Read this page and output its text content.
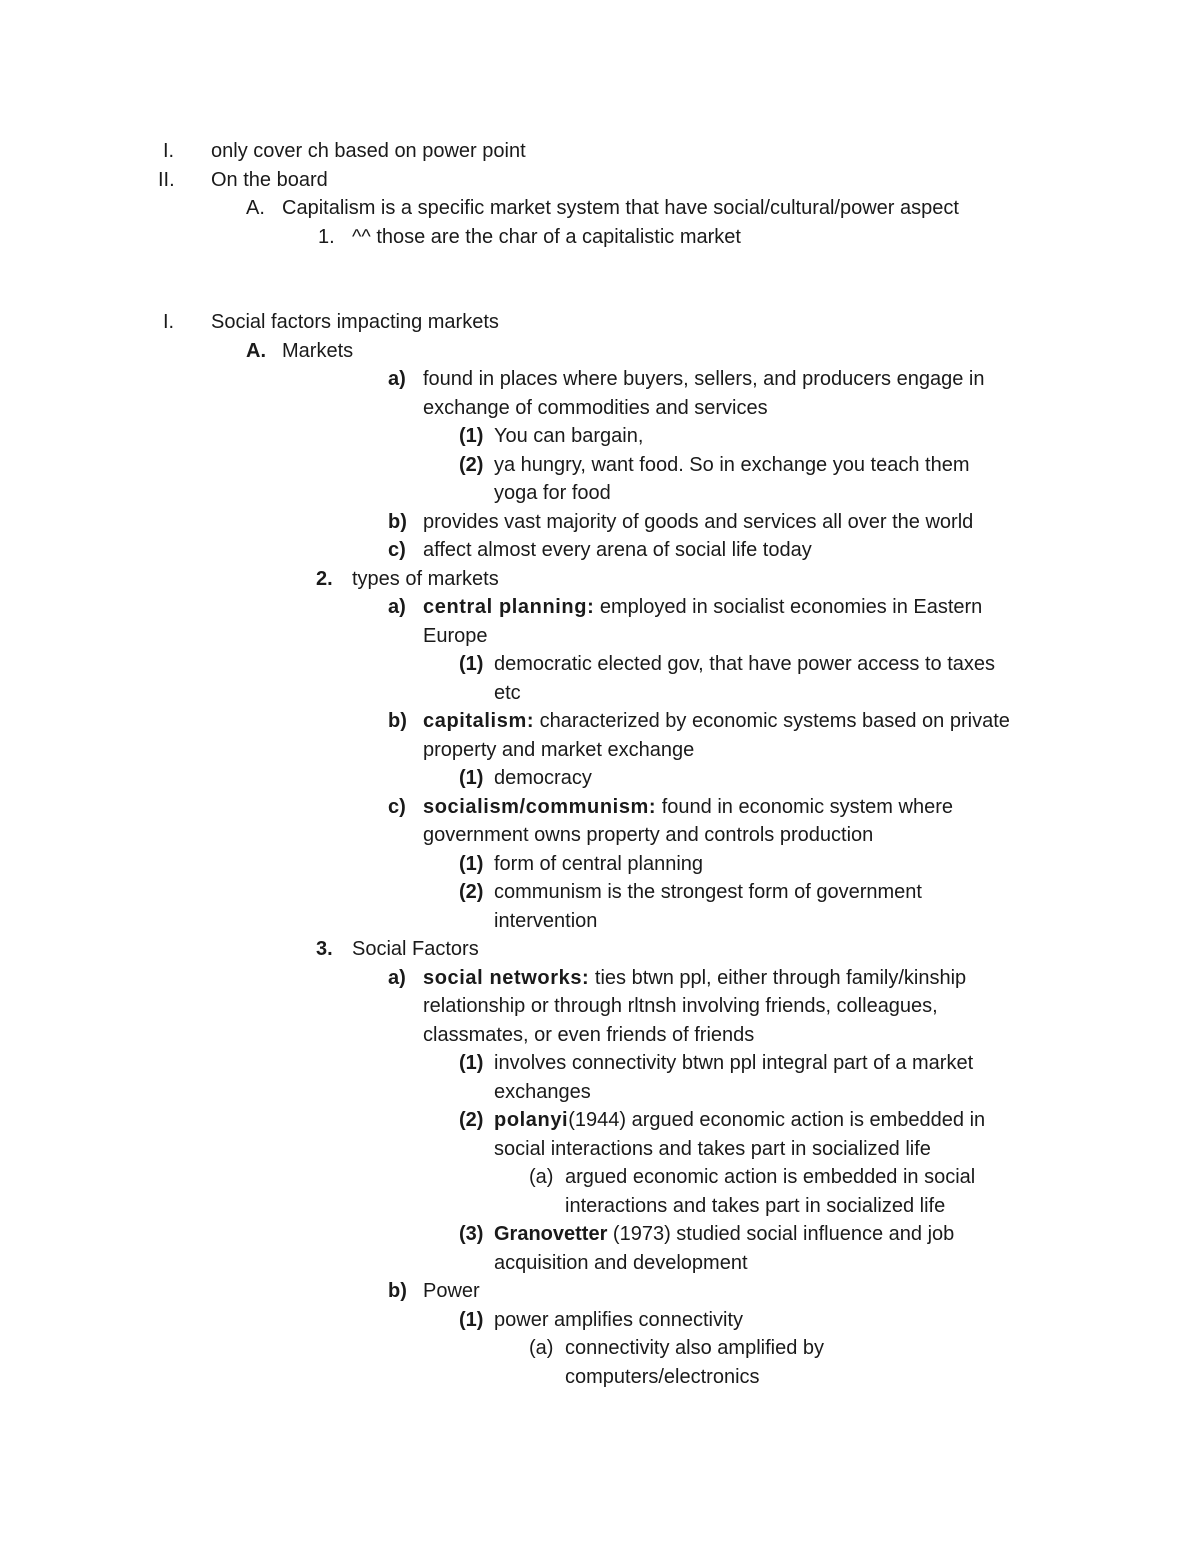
I. only cover ch based on power point
II. On the board
A. Capitalism is a specific market system that have social/cultural/power aspect
1. ^^ those are the char of a capitalistic market
I. Social factors impacting markets
A. Markets
a) found in places where buyers, sellers, and producers engage in
exchange of commodities and services
(1) You can bargain,
(2) ya hungry, want food. So in exchange you teach them
yoga for food
b) provides vast majority of goods and services all over the world
c) affect almost every arena of social life today
2. types of markets
a) central planning: employed in socialist economies in Eastern
Europe
(1) democratic elected gov, that have power access to taxes
etc
b) capitalism: characterized by economic systems based on private
property and market exchange
(1) democracy
c) socialism/communism: found in economic system where
government owns property and controls production
(1) form of central planning
(2) communism is the strongest form of government
intervention
3. Social Factors
a) social networks: ties btwn ppl, either through family/kinship
relationship or through rltnsh involving friends, colleagues,
classmates, or even friends of friends
(1) involves connectivity btwn ppl integral part of a market
exchanges
(2) polanyi(1944) argued economic action is embedded in
social interactions and takes part in socialized life
(a) argued economic action is embedded in social
interactions and takes part in socialized life
(3) Granovetter (1973) studied social influence and job
acquisition and development
b) Power
(1) power amplifies connectivity
(a) connectivity also amplified by
computers/electronics
